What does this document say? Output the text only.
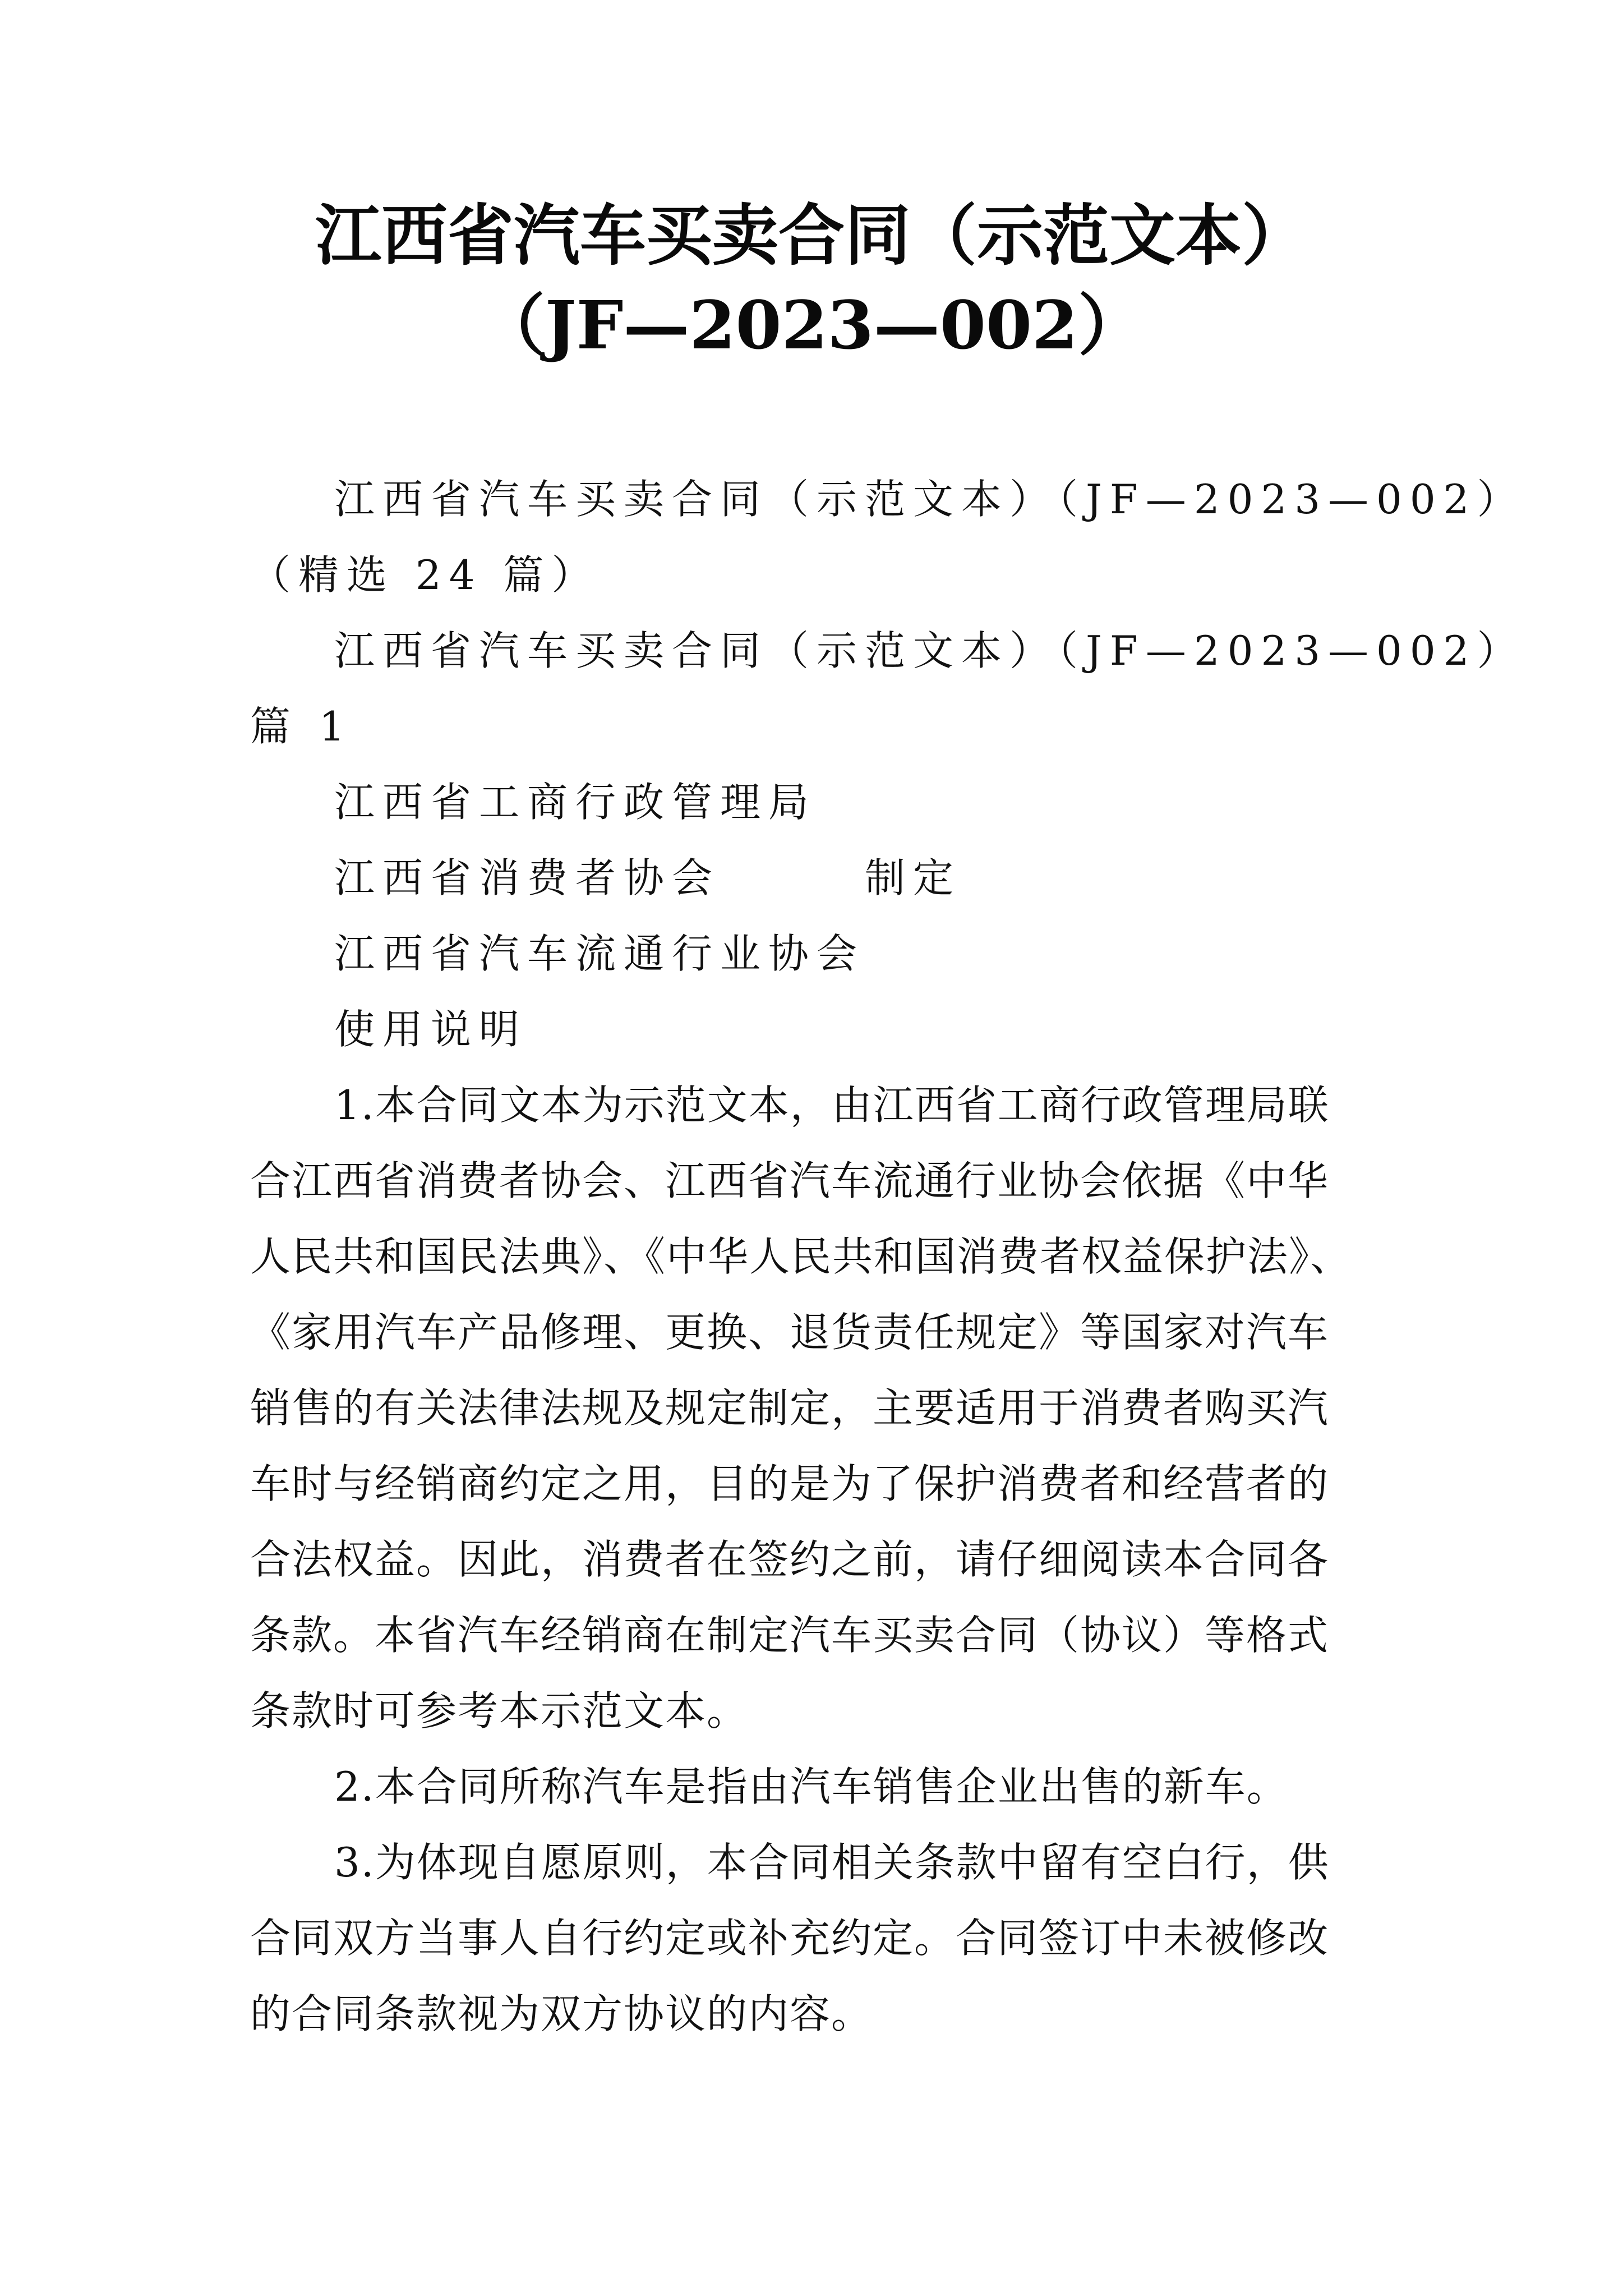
江西省汽车买卖合同（示范文本）
（JF—2023—002）
江西省汽车买卖合同（示范文本）（JF—2023—002）
（精选 24 篇）
江西省汽车买卖合同（示范文本）（JF—2023—002）
篇 1
江西省工商行政管理局
江西省消费者协会　　　制定
江西省汽车流通行业协会
使用说明
1.本合同文本为示范文本，由江西省工商行政管理局联
合江西省消费者协会、江西省汽车流通行业协会依据《中华
人民共和国民法典》、《中华人民共和国消费者权益保护法》、
《家用汽车产品修理、更换、退货责任规定》等国家对汽车
销售的有关法律法规及规定制定，主要适用于消费者购买汽
车时与经销商约定之用，目的是为了保护消费者和经营者的
合法权益。因此，消费者在签约之前，请仔细阅读本合同各
条款。本省汽车经销商在制定汽车买卖合同（协议）等格式
条款时可参考本示范文本。
2.本合同所称汽车是指由汽车销售企业出售的新车。
3.为体现自愿原则，本合同相关条款中留有空白行，供
合同双方当事人自行约定或补充约定。合同签订中未被修改
的合同条款视为双方协议的内容。
